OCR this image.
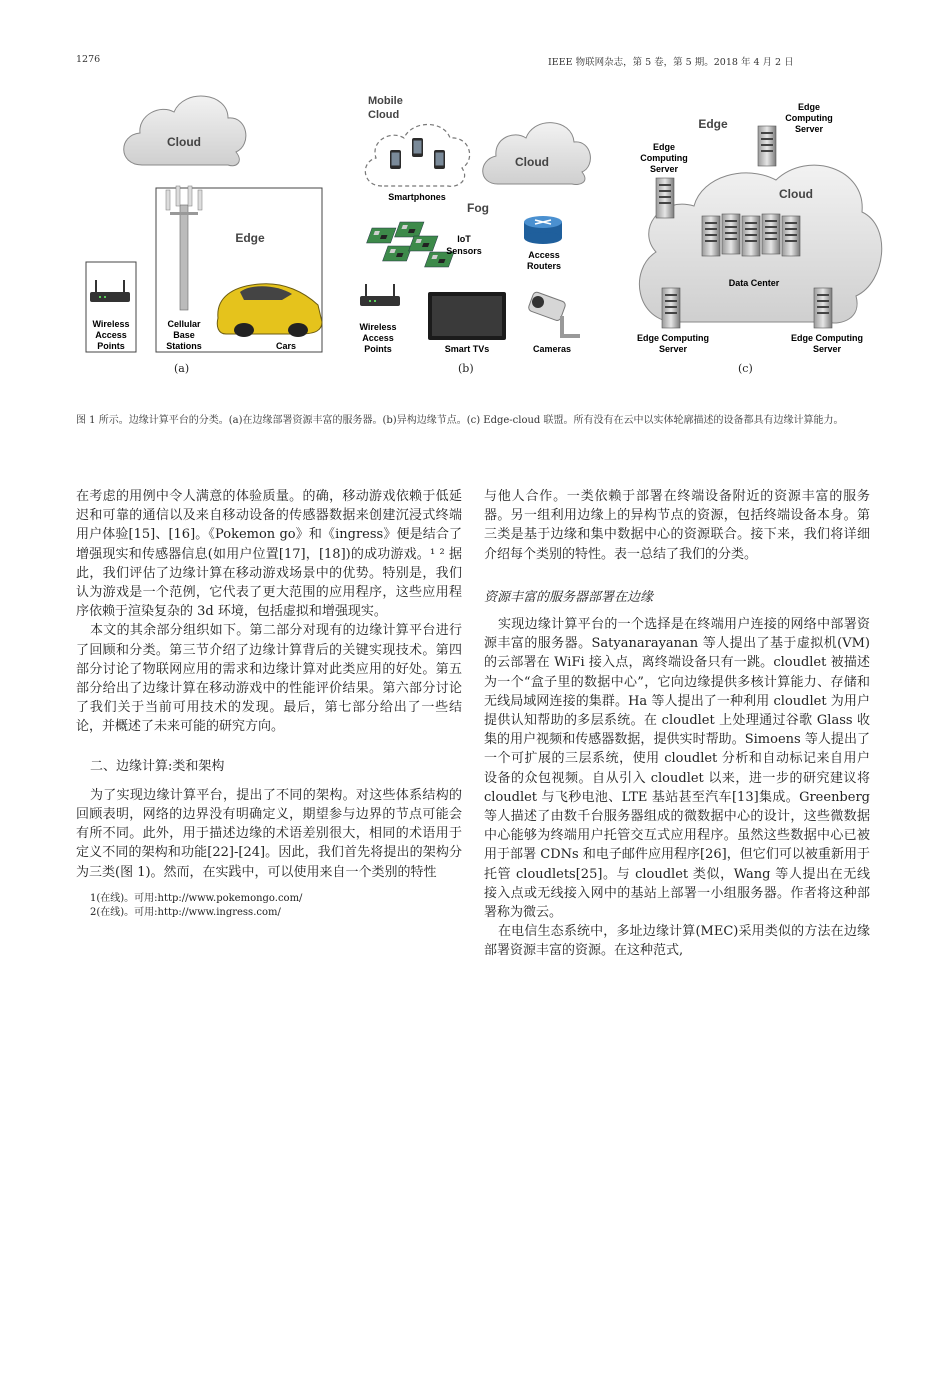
1276	IEEE 物联网杂志，第 5 卷，第 5 期。2018 年 4 月 2 日
Cloud
Edge
Wireless
Access
Points
Cellular
Base
Stations	Cars
Mobile
Cloud
Smartphones
Cloud
Fog
IoT
Sensors	Access
Routers
Wireless
Access
Points	Smart TVs	Cameras
Edge
Edge
Computing
Server
Edge
Computing
Server
Cloud
Data Center
Edge Computing
Server
Edge Computing
Server
(a)	(b)	(c)
图 1 所示。边缘计算平台的分类。(a)在边缘部署资源丰富的服务器。(b)异构边缘节点。(c) Edge-cloud 联盟。所有没有在云中以实体轮廓描述的设备都具有边缘计算能力。

在考虑的用例中令人满意的体验质量。的确，移动游戏依赖于低延迟和可靠的通信以及来自移动设备的传感器数据来创建沉浸式终端用户体验[15]、[16]。《Pokemon go》和《ingress》便是结合了增强现实和传感器信息(如用户位置[17]，[18])的成功游戏。¹ ² 据此，我们评估了边缘计算在移动游戏场景中的优势。特别是，我们认为游戏是一个范例，它代表了更大范围的应用程序，这些应用程序依赖于渲染复杂的 3d 环境，包括虚拟和增强现实。

本文的其余部分组织如下。第二部分对现有的边缘计算平台进行了回顾和分类。第三节介绍了边缘计算背后的关键实现技术。第四部分讨论了物联网应用的需求和边缘计算对此类应用的好处。第五部分给出了边缘计算在移动游戏中的性能评价结果。第六部分讨论了我们关于当前可用技术的发现。最后，第七部分给出了一些结论，并概述了未来可能的研究方向。

二、边缘计算:类和架构

为了实现边缘计算平台，提出了不同的架构。对这些体系结构的回顾表明，网络的边界没有明确定义，期望参与边界的节点可能会有所不同。此外，用于描述边缘的术语差别很大，相同的术语用于定义不同的架构和功能[22]-[24]。因此，我们首先将提出的架构分为三类(图 1)。然而，在实践中，可以使用来自一个类别的特性

1(在线)。可用:http://www.pokemongo.com/

2(在线)。可用:http://www.ingress.com/

与他人合作。一类依赖于部署在终端设备附近的资源丰富的服务器。另一组利用边缘上的异构节点的资源，包括终端设备本身。第三类是基于边缘和集中数据中心的资源联合。接下来，我们将详细介绍每个类别的特性。表一总结了我们的分类。

资源丰富的服务器部署在边缘

实现边缘计算平台的一个选择是在终端用户连接的网络中部署资源丰富的服务器。Satyanarayanan 等人提出了基于虚拟机(VM)的云部署在 WiFi 接入点，离终端设备只有一跳。cloudlet 被描述为一个“盒子里的数据中心”，它向边缘提供多核计算能力、存储和无线局域网连接的集群。Ha 等人提出了一种利用 cloudlet 为用户提供认知帮助的多层系统。在 cloudlet 上处理通过谷歌 Glass 收集的用户视频和传感器数据，提供实时帮助。Simoens 等人提出了一个可扩展的三层系统，使用 cloudlet 分析和自动标记来自用户设备的众包视频。自从引入 cloudlet 以来，进一步的研究建议将 cloudlet 与飞秒电池、LTE 基站甚至汽车[13]集成。Greenberg 等人描述了由数千台服务器组成的微数据中心的设计，这些微数据中心能够为终端用户托管交互式应用程序。虽然这些数据中心已被用于部署 CDNs 和电子邮件应用程序[26]，但它们可以被重新用于托管 cloudlets[25]。与 cloudlet 类似，Wang 等人提出在无线接入点或无线接入网中的基站上部署一小组服务器。作者将这种部署称为微云。

在电信生态系统中，多址边缘计算(MEC)采用类似的方法在边缘部署资源丰富的资源。在这种范式,
